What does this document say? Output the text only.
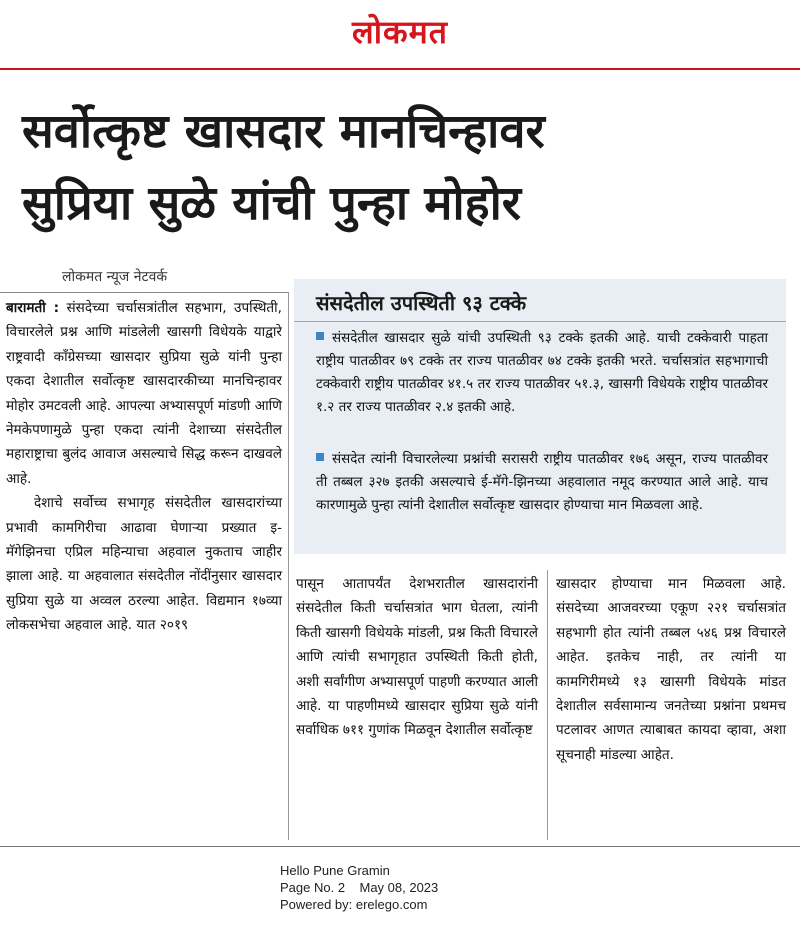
लोकमत
सर्वोत्कृष्ट खासदार मानचिन्हावर
सुप्रिया सुळे यांची पुन्हा मोहोर
लोकमत न्यूज नेटवर्क

बारामती : संसदेच्या चर्चासत्रांतील सहभाग, उपस्थिती, विचारलेले प्रश्न आणि मांडलेली खासगी विधेयके याद्वारे राष्ट्रवादी काँग्रेसच्या खासदार सुप्रिया सुळे यांनी पुन्हा एकदा देशातील सर्वोत्कृष्ट खासदारकीच्या मानचिन्हावर मोहोर उमटवली आहे. आपल्या अभ्यासपूर्ण मांडणी आणि नेमकेपणामुळे पुन्हा एकदा त्यांनी देशाच्या संसदेतील महाराष्ट्राचा बुलंद आवाज असल्याचे सिद्ध करून दाखवले आहे.

देशाचे सर्वोच्च सभागृह संसदेतील खासदारांच्या प्रभावी कामगिरीचा आढावा घेणाऱ्या प्रख्यात इ-मॅगेझिनचा एप्रिल महिन्याचा अहवाल नुकताच जाहीर झाला आहे. या अहवालात संसदेतील नोंदींनुसार खासदार सुप्रिया सुळे या अव्वल ठरल्या आहेत. विद्यमान १७व्या लोकसभेचा अहवाल आहे. यात २०१९

संसदेतील उपस्थिती ९३ टक्के
संसदेतील खासदार सुळे यांची उपस्थिती ९३ टक्के इतकी आहे. याची टक्केवारी पाहता राष्ट्रीय पातळीवर ७९ टक्के तर राज्य पातळीवर ७४ टक्के इतकी भरते. चर्चासत्रांत सहभागाची टक्केवारी राष्ट्रीय पातळीवर ४१.५ तर राज्य पातळीवर ५१.३, खासगी विधेयके राष्ट्रीय पातळीवर १.२ तर राज्य पातळीवर २.४ इतकी आहे.
संसदेत त्यांनी विचारलेल्या प्रश्नांची सरासरी राष्ट्रीय पातळीवर १७६ असून, राज्य पातळीवर ती तब्बल ३२७ इतकी असल्याचे ई-मॅगे-झिनच्या अहवालात नमूद करण्यात आले आहे. याच कारणामुळे पुन्हा त्यांनी देशातील सर्वोत्कृष्ट खासदार होण्याचा मान मिळवला आहे.

पासून आतापर्यंत देशभरातील खासदारांनी संसदेतील किती चर्चासत्रांत भाग घेतला, त्यांनी किती खासगी विधेयके मांडली, प्रश्न किती विचारले आणि त्यांची सभागृहात उपस्थिती किती होती, अशी सर्वांगीण अभ्यासपूर्ण पाहणी करण्यात आली आहे. या पाहणीमध्ये खासदार सुप्रिया सुळे यांनी सर्वाधिक ७११ गुणांक मिळवून देशातील सर्वोत्कृष्ट

खासदार होण्याचा मान मिळवला आहे. संसदेच्या आजवरच्या एकूण २२१ चर्चासत्रांत सहभागी होत त्यांनी तब्बल ५४६ प्रश्न विचारले आहेत. इतकेच नाही, तर त्यांनी या कामगिरीमध्ये १३ खासगी विधेयके मांडत देशातील सर्वसामान्य जनतेच्या प्रश्नांना प्रथमच पटलावर आणत त्याबाबत कायदा व्हावा, अशा सूचनाही मांडल्या आहेत.

Hello Pune Gramin
Page No. 2    May 08, 2023
Powered by: erelego.com
